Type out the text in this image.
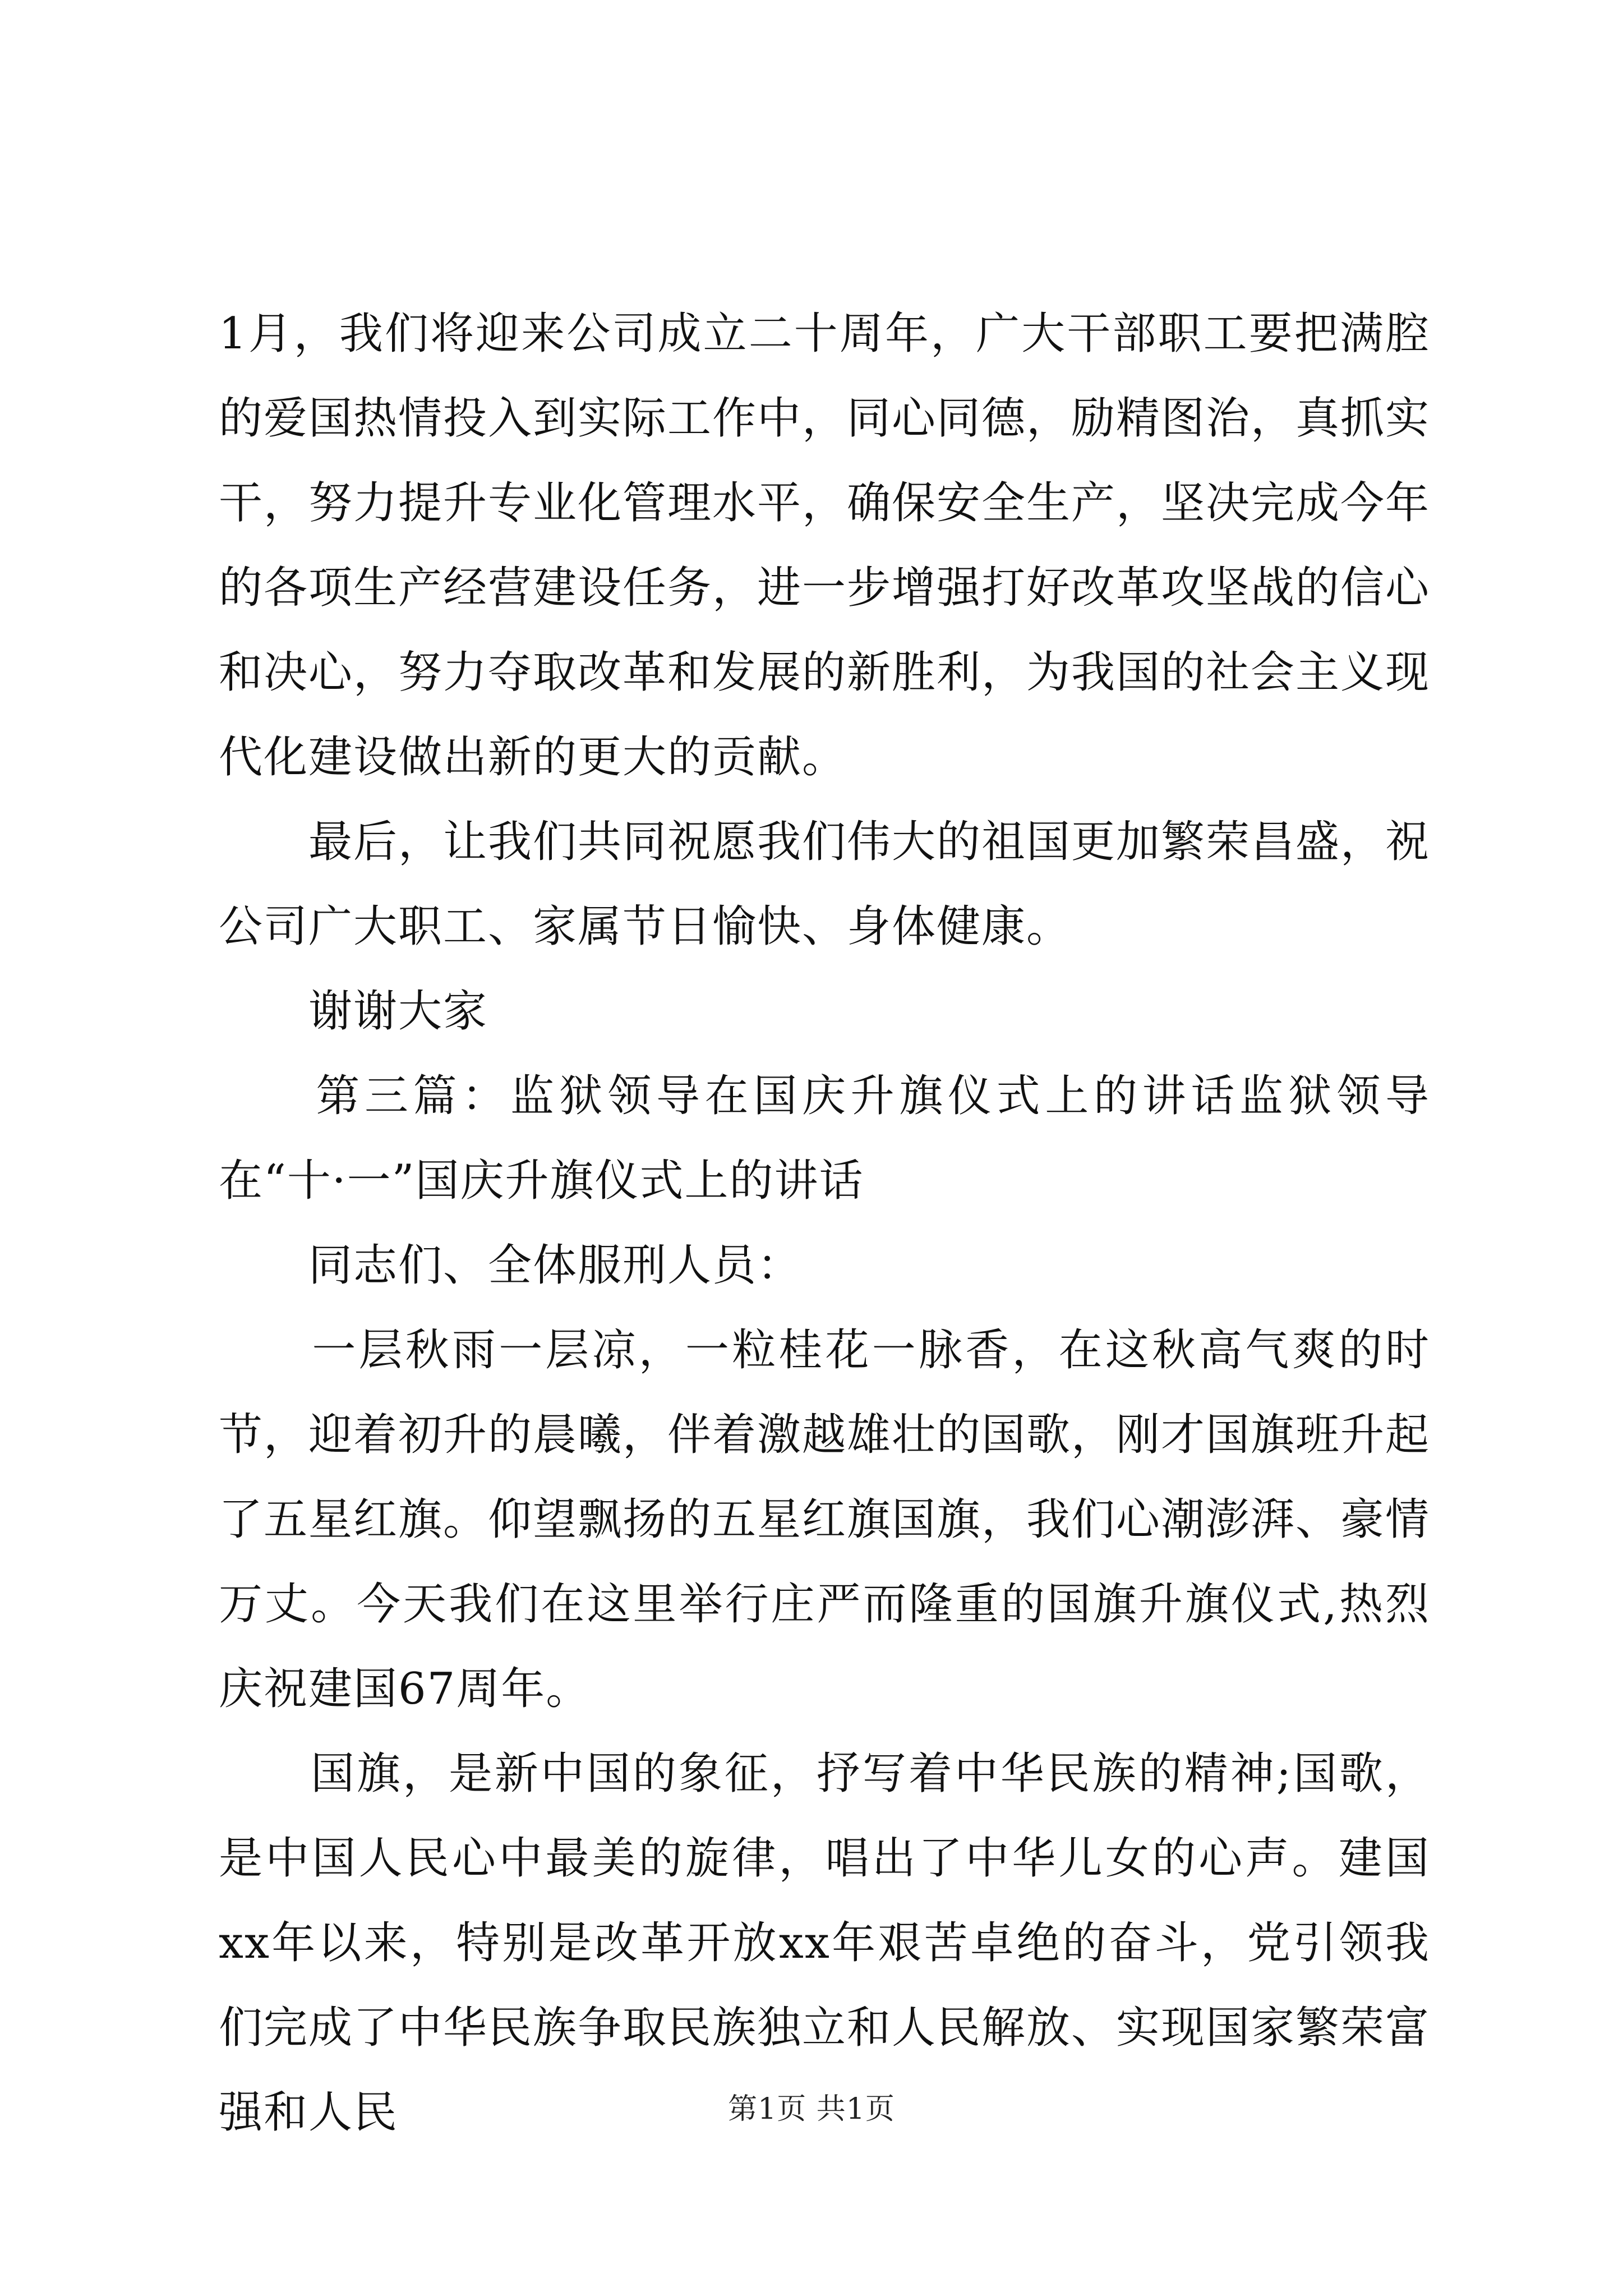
1月，我们将迎来公司成立二十周年，广大干部职工要把满腔的爱国热情投入到实际工作中，同心同德，励精图治，真抓实干，努力提升专业化管理水平，确保安全生产，坚决完成今年的各项生产经营建设任务，进一步增强打好改革攻坚战的信心和决心，努力夺取改革和发展的新胜利，为我国的社会主义现代化建设做出新的更大的贡献。

　　最后，让我们共同祝愿我们伟大的祖国更加繁荣昌盛，祝公司广大职工、家属节日愉快、身体健康。

　　谢谢大家

　　第三篇：监狱领导在国庆升旗仪式上的讲话监狱领导在“十·一”国庆升旗仪式上的讲话

　　同志们、全体服刑人员：

　　一层秋雨一层凉，一粒桂花一脉香，在这秋高气爽的时节，迎着初升的晨曦，伴着激越雄壮的国歌，刚才国旗班升起了五星红旗。仰望飘扬的五星红旗国旗，我们心潮澎湃、豪情万丈。今天我们在这里举行庄严而隆重的国旗升旗仪式,热烈庆祝建国67周年。

　　国旗，是新中国的象征，抒写着中华民族的精神;国歌，是中国人民心中最美的旋律，唱出了中华儿女的心声。建国xx年以来，特别是改革开放xx年艰苦卓绝的奋斗，党引领我们完成了中华民族争取民族独立和人民解放、实现国家繁荣富强和人民	第1页 共1页
